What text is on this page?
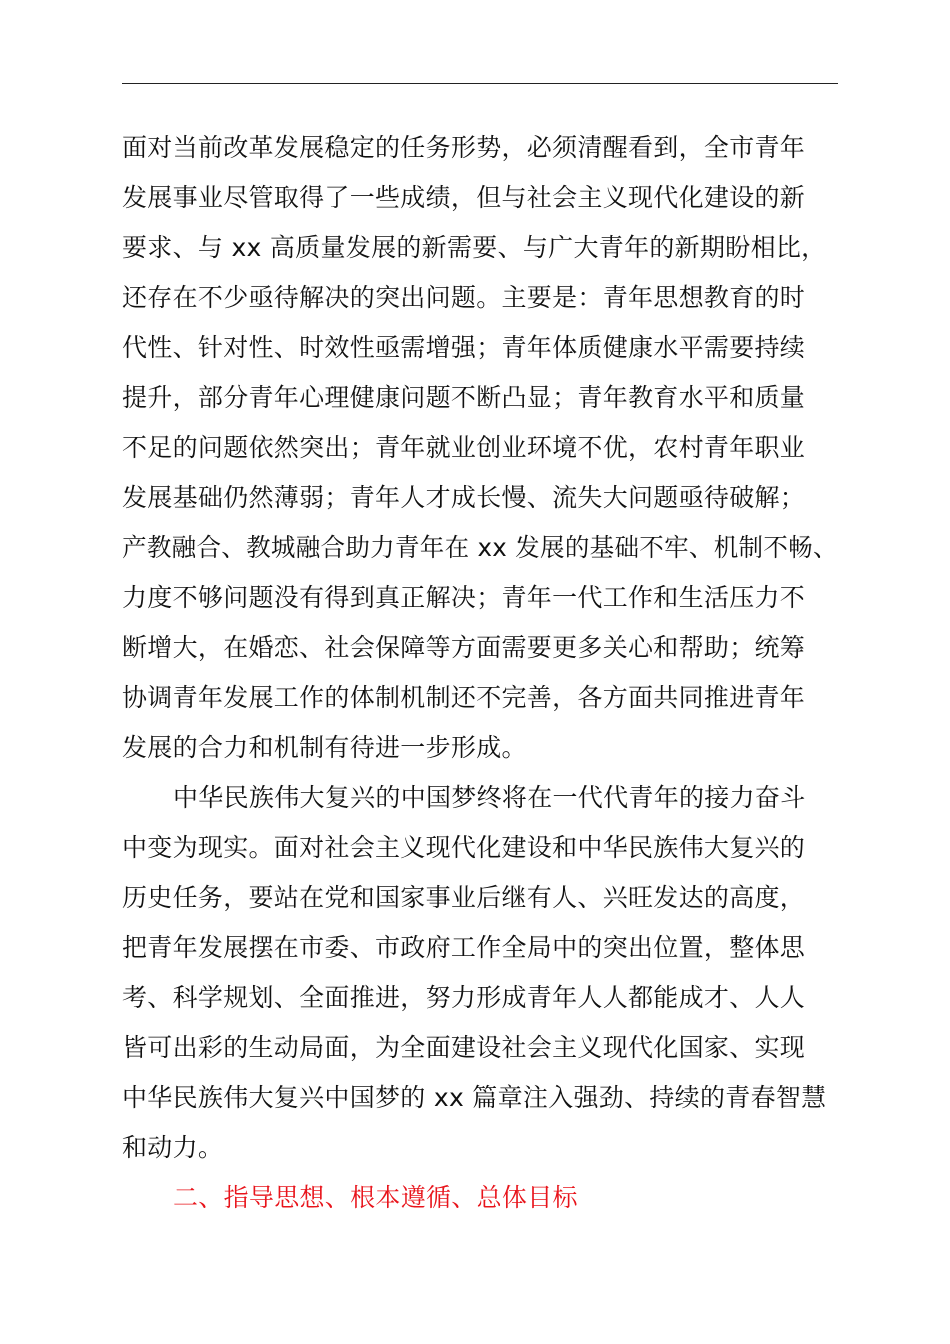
面对当前改革发展稳定的任务形势，必须清醒看到，全市青年
发展事业尽管取得了一些成绩，但与社会主义现代化建设的新
要求、与 xx 高质量发展的新需要、与广大青年的新期盼相比，
还存在不少亟待解决的突出问题。主要是：青年思想教育的时
代性、针对性、时效性亟需增强；青年体质健康水平需要持续
提升，部分青年心理健康问题不断凸显；青年教育水平和质量
不足的问题依然突出；青年就业创业环境不优，农村青年职业
发展基础仍然薄弱；青年人才成长慢、流失大问题亟待破解；
产教融合、教城融合助力青年在 xx 发展的基础不牢、机制不畅、
力度不够问题没有得到真正解决；青年一代工作和生活压力不
断增大，在婚恋、社会保障等方面需要更多关心和帮助；统筹
协调青年发展工作的体制机制还不完善，各方面共同推进青年
发展的合力和机制有待进一步形成。
中华民族伟大复兴的中国梦终将在一代代青年的接力奋斗
中变为现实。面对社会主义现代化建设和中华民族伟大复兴的
历史任务，要站在党和国家事业后继有人、兴旺发达的高度，
把青年发展摆在市委、市政府工作全局中的突出位置，整体思
考、科学规划、全面推进，努力形成青年人人都能成才、人人
皆可出彩的生动局面，为全面建设社会主义现代化国家、实现
中华民族伟大复兴中国梦的 xx 篇章注入强劲、持续的青春智慧
和动力。
二、指导思想、根本遵循、总体目标
